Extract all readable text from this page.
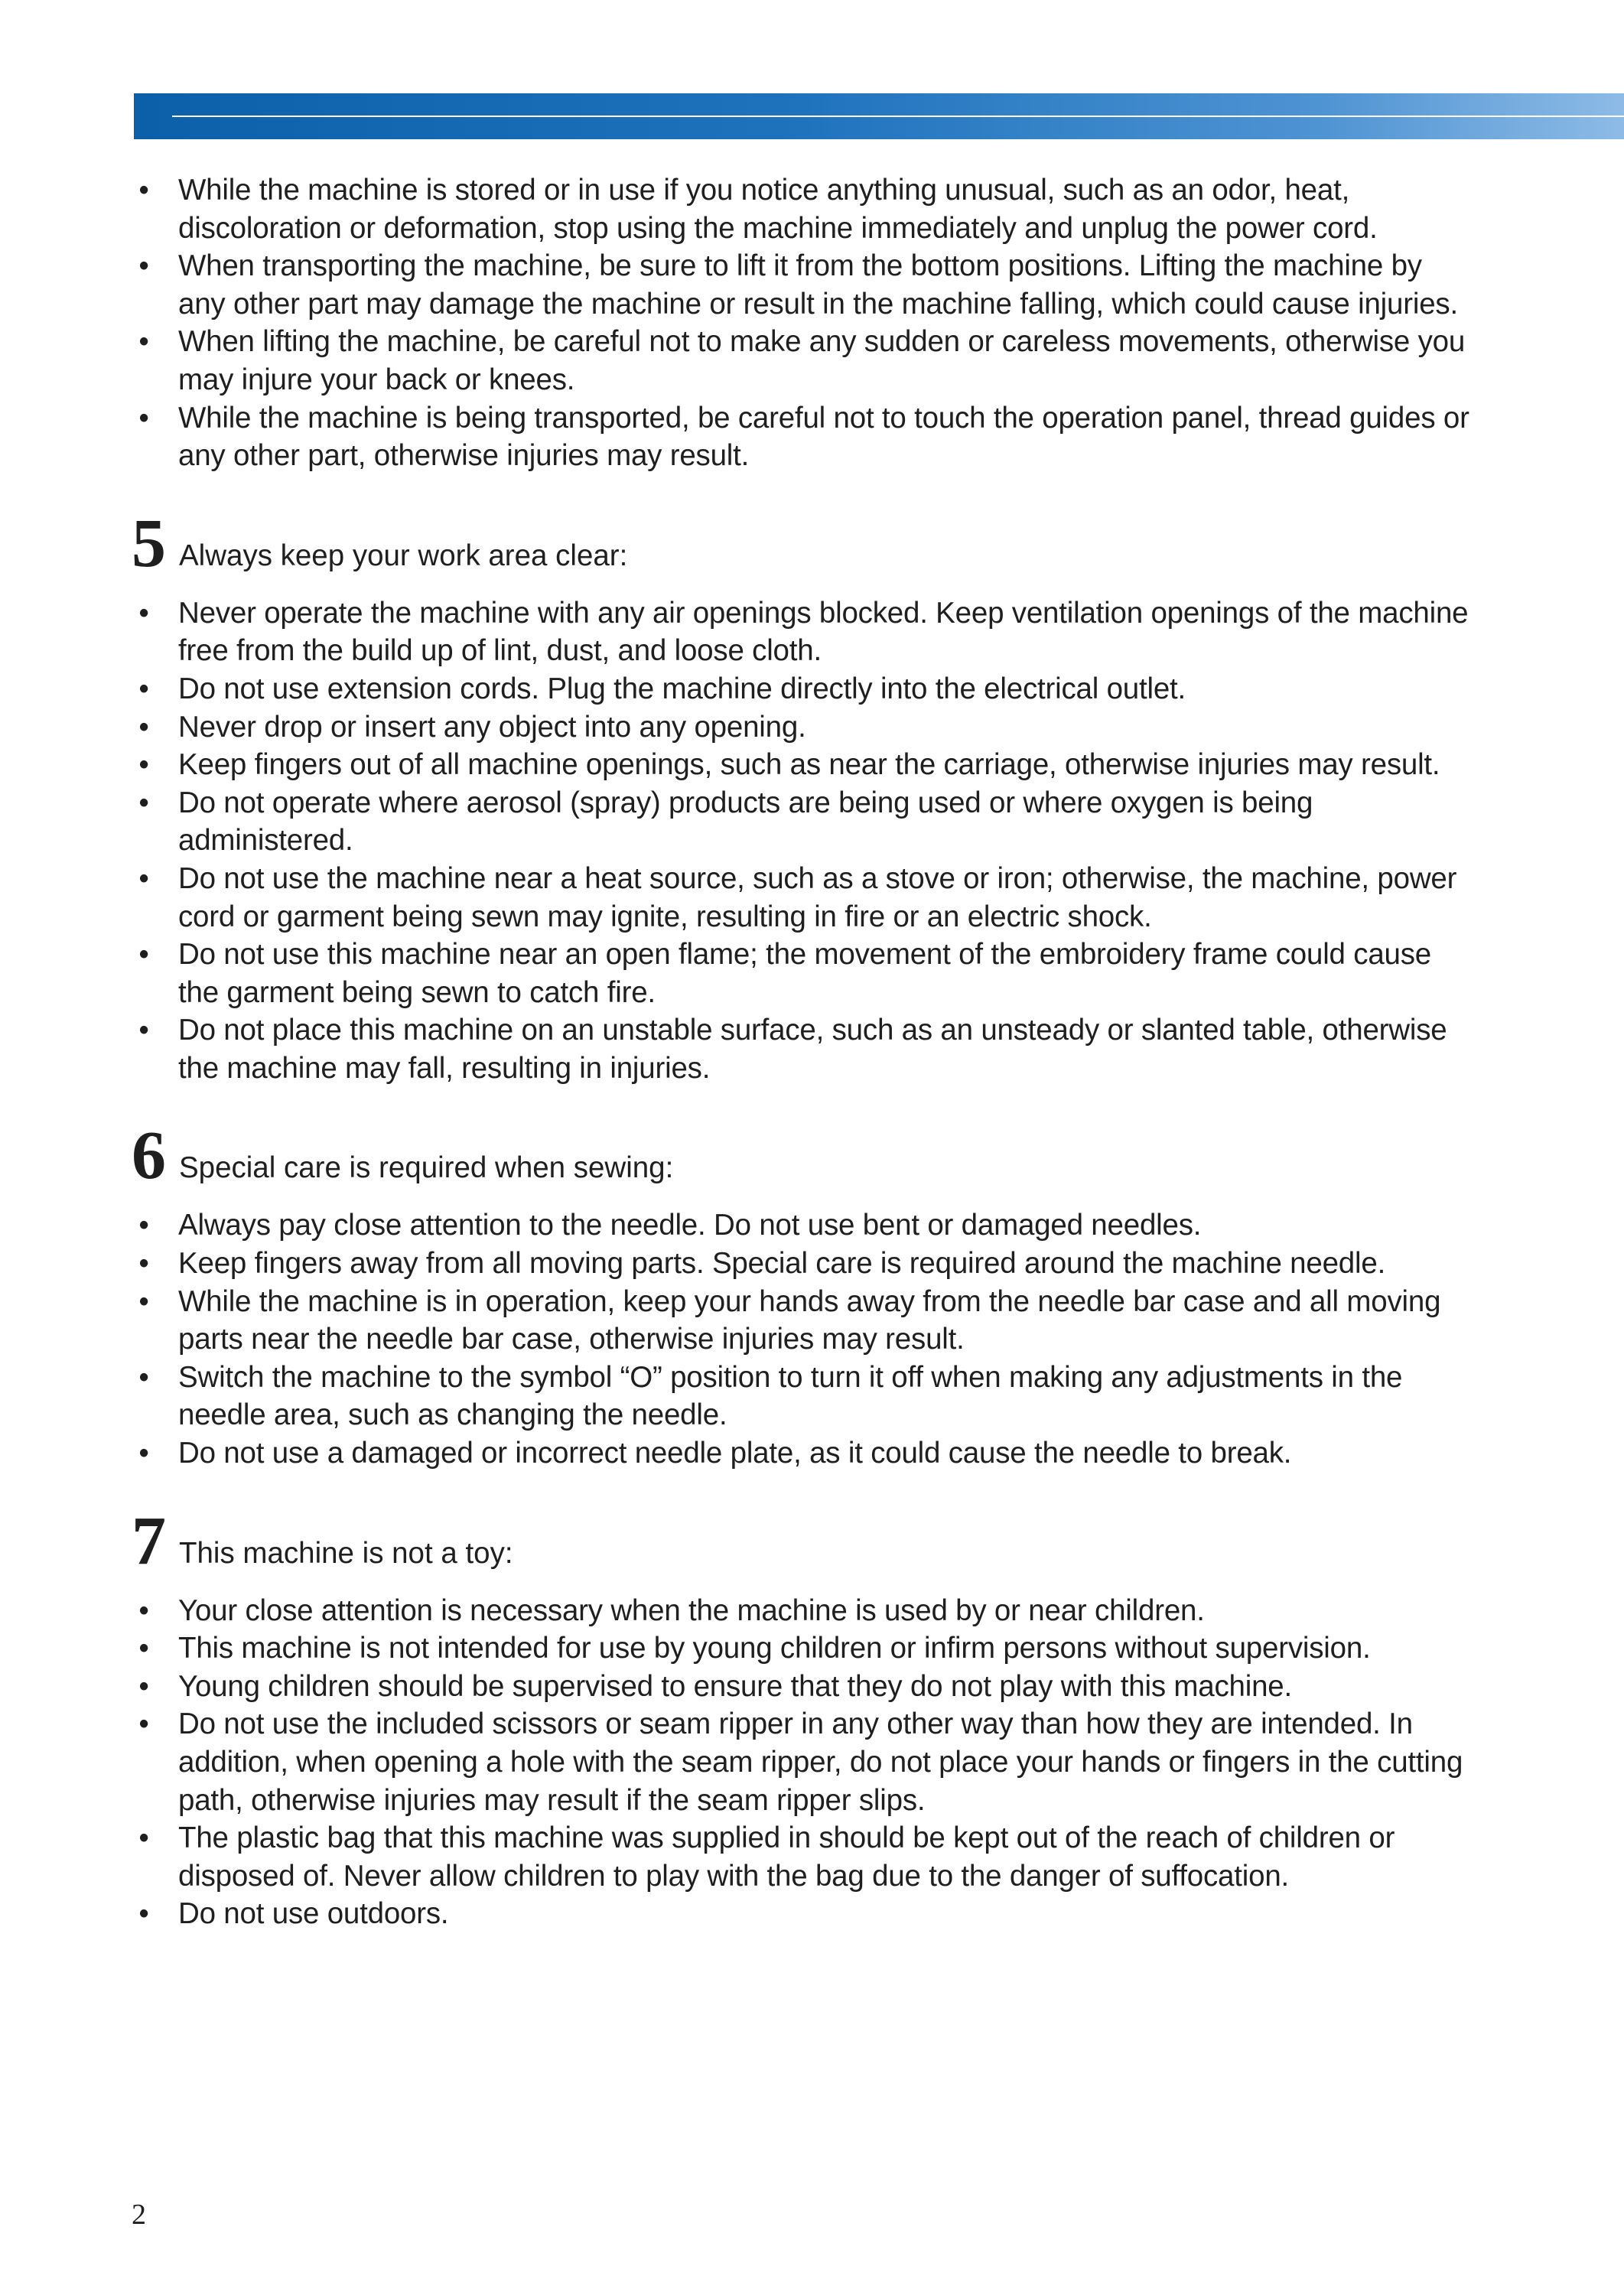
• While the machine is stored or in use if you notice anything unusual, such as an odor, heat, discoloration or deformation, stop using the machine immediately and unplug the power cord.
• When transporting the machine, be sure to lift it from the bottom positions. Lifting the machine by any other part may damage the machine or result in the machine falling, which could cause injuries.
• When lifting the machine, be careful not to make any sudden or careless movements, otherwise you may injure your back or knees.
• While the machine is being transported, be careful not to touch the operation panel, thread guides or any other part, otherwise injuries may result.
5 Always keep your work area clear:
• Never operate the machine with any air openings blocked. Keep ventilation openings of the machine free from the build up of lint, dust, and loose cloth.
• Do not use extension cords. Plug the machine directly into the electrical outlet.
• Never drop or insert any object into any opening.
• Keep fingers out of all machine openings, such as near the carriage, otherwise injuries may result.
• Do not operate where aerosol (spray) products are being used or where oxygen is being administered.
• Do not use the machine near a heat source, such as a stove or iron; otherwise, the machine, power cord or garment being sewn may ignite, resulting in fire or an electric shock.
• Do not use this machine near an open flame; the movement of the embroidery frame could cause the garment being sewn to catch fire.
• Do not place this machine on an unstable surface, such as an unsteady or slanted table, otherwise the machine may fall, resulting in injuries.
6 Special care is required when sewing:
• Always pay close attention to the needle. Do not use bent or damaged needles.
• Keep fingers away from all moving parts. Special care is required around the machine needle.
• While the machine is in operation, keep your hands away from the needle bar case and all moving parts near the needle bar case, otherwise injuries may result.
• Switch the machine to the symbol “O” position to turn it off when making any adjustments in the needle area, such as changing the needle.
• Do not use a damaged or incorrect needle plate, as it could cause the needle to break.
7 This machine is not a toy:
• Your close attention is necessary when the machine is used by or near children.
• This machine is not intended for use by young children or infirm persons without supervision.
• Young children should be supervised to ensure that they do not play with this machine.
• Do not use the included scissors or seam ripper in any other way than how they are intended. In addition, when opening a hole with the seam ripper, do not place your hands or fingers in the cutting path, otherwise injuries may result if the seam ripper slips.
• The plastic bag that this machine was supplied in should be kept out of the reach of children or disposed of. Never allow children to play with the bag due to the danger of suffocation.
• Do not use outdoors.
2
